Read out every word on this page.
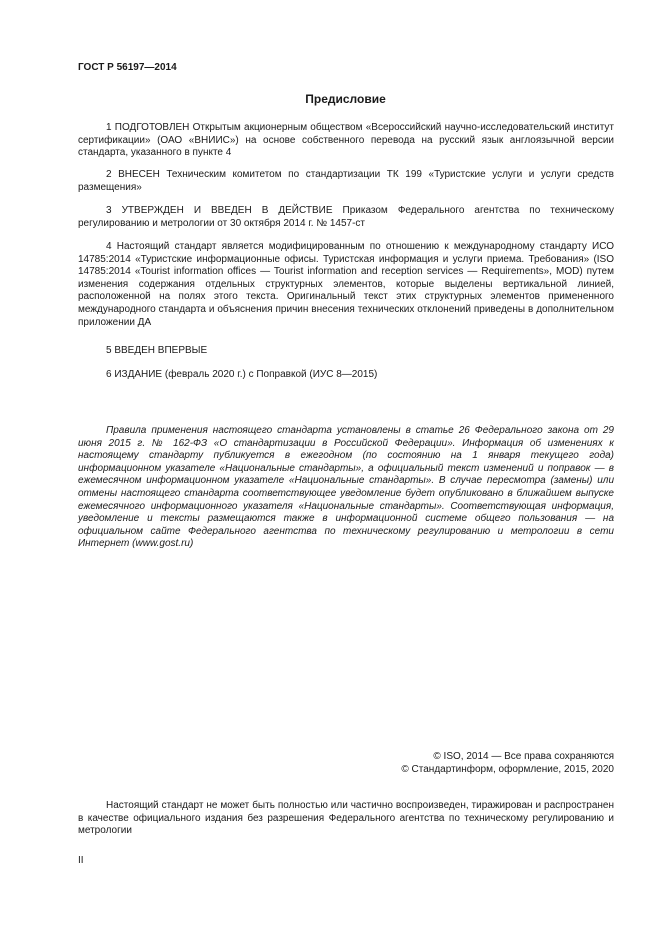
ГОСТ Р 56197—2014
Предисловие

1 ПОДГОТОВЛЕН Открытым акционерным обществом «Всероссийский научно-исследовательский институт сертификации» (ОАО «ВНИИС») на основе собственного перевода на русский язык англоязычной версии стандарта, указанного в пункте 4

2 ВНЕСЕН Техническим комитетом по стандартизации ТК 199 «Туристские услуги и услуги средств размещения»

3 УТВЕРЖДЕН И ВВЕДЕН В ДЕЙСТВИЕ Приказом Федерального агентства по техническому регулированию и метрологии от 30 октября 2014 г. № 1457-ст

4 Настоящий стандарт является модифицированным по отношению к международному стандарту ИСО 14785:2014 «Туристские информационные офисы. Туристская информация и услуги приема. Требования» (ISO 14785:2014 «Tourist information offices — Tourist information and reception services — Requirements», MOD) путем изменения содержания отдельных структурных элементов, которые выделены вертикальной линией, расположенной на полях этого текста. Оригинальный текст этих структурных элементов примененного международного стандарта и объяснения причин внесения технических отклонений приведены в дополнительном приложении ДА

5 ВВЕДЕН ВПЕРВЫЕ

6 ИЗДАНИЕ (февраль 2020 г.) с Поправкой (ИУС 8—2015)

Правила применения настоящего стандарта установлены в статье 26 Федерального закона от 29 июня 2015 г. № 162-ФЗ «О стандартизации в Российской Федерации». Информация об изменениях к настоящему стандарту публикуется в ежегодном (по состоянию на 1 января текущего года) информационном указателе «Национальные стандарты», а официальный текст изменений и поправок — в ежемесячном информационном указателе «Национальные стандарты». В случае пересмотра (замены) или отмены настоящего стандарта соответствующее уведомление будет опубликовано в ближайшем выпуске ежемесячного информационного указателя «Национальные стандарты». Соответствующая информация, уведомление и тексты размещаются также в информационной системе общего пользования — на официальном сайте Федерального агентства по техническому регулированию и метрологии в сети Интернет (www.gost.ru)

© ISO, 2014 — Все права сохраняются
© Стандартинформ, оформление, 2015, 2020

Настоящий стандарт не может быть полностью или частично воспроизведен, тиражирован и распространен в качестве официального издания без разрешения Федерального агентства по техническому регулированию и метрологии

II
